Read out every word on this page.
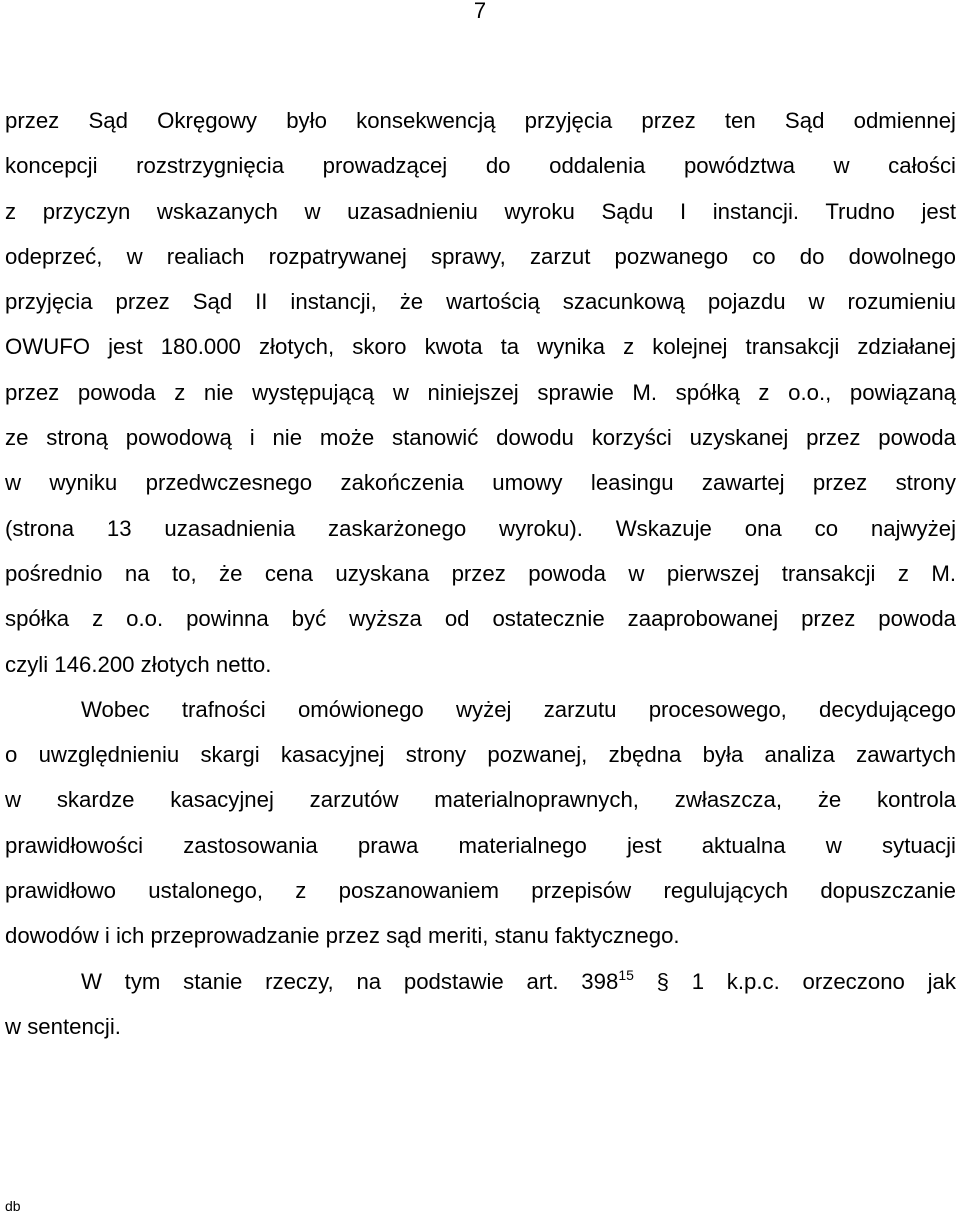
7
przez Sąd Okręgowy było konsekwencją przyjęcia przez ten Sąd odmiennej
koncepcji rozstrzygnięcia prowadzącej do oddalenia powództwa w całości
z przyczyn wskazanych w uzasadnieniu wyroku Sądu I instancji. Trudno jest
odeprzeć, w realiach rozpatrywanej sprawy, zarzut pozwanego co do dowolnego
przyjęcia przez Sąd II instancji, że wartością szacunkową pojazdu w rozumieniu
OWUFO jest 180.000 złotych, skoro kwota ta wynika z kolejnej transakcji zdziałanej
przez powoda z nie występującą w niniejszej sprawie M. spółką z o.o., powiązaną
ze stroną powodową i nie może stanowić dowodu korzyści uzyskanej przez powoda
w wyniku przedwczesnego zakończenia umowy leasingu zawartej przez strony
(strona 13 uzasadnienia zaskarżonego wyroku). Wskazuje ona co najwyżej
pośrednio na to, że cena uzyskana przez powoda w pierwszej transakcji z M.
spółka z o.o. powinna być wyższa od ostatecznie zaaprobowanej przez powoda
czyli 146.200 złotych netto.
Wobec trafności omówionego wyżej zarzutu procesowego, decydującego
o uwzględnieniu skargi kasacyjnej strony pozwanej, zbędna była analiza zawartych
w skardze kasacyjnej zarzutów materialnoprawnych, zwłaszcza, że kontrola
prawidłowości zastosowania prawa materialnego jest aktualna w sytuacji
prawidłowo ustalonego, z poszanowaniem przepisów regulujących dopuszczanie
dowodów i ich przeprowadzanie przez sąd meriti, stanu faktycznego.
W tym stanie rzeczy, na podstawie art. 398$^{15}$ § 1 k.p.c. orzeczono jak
w sentencji.
db
